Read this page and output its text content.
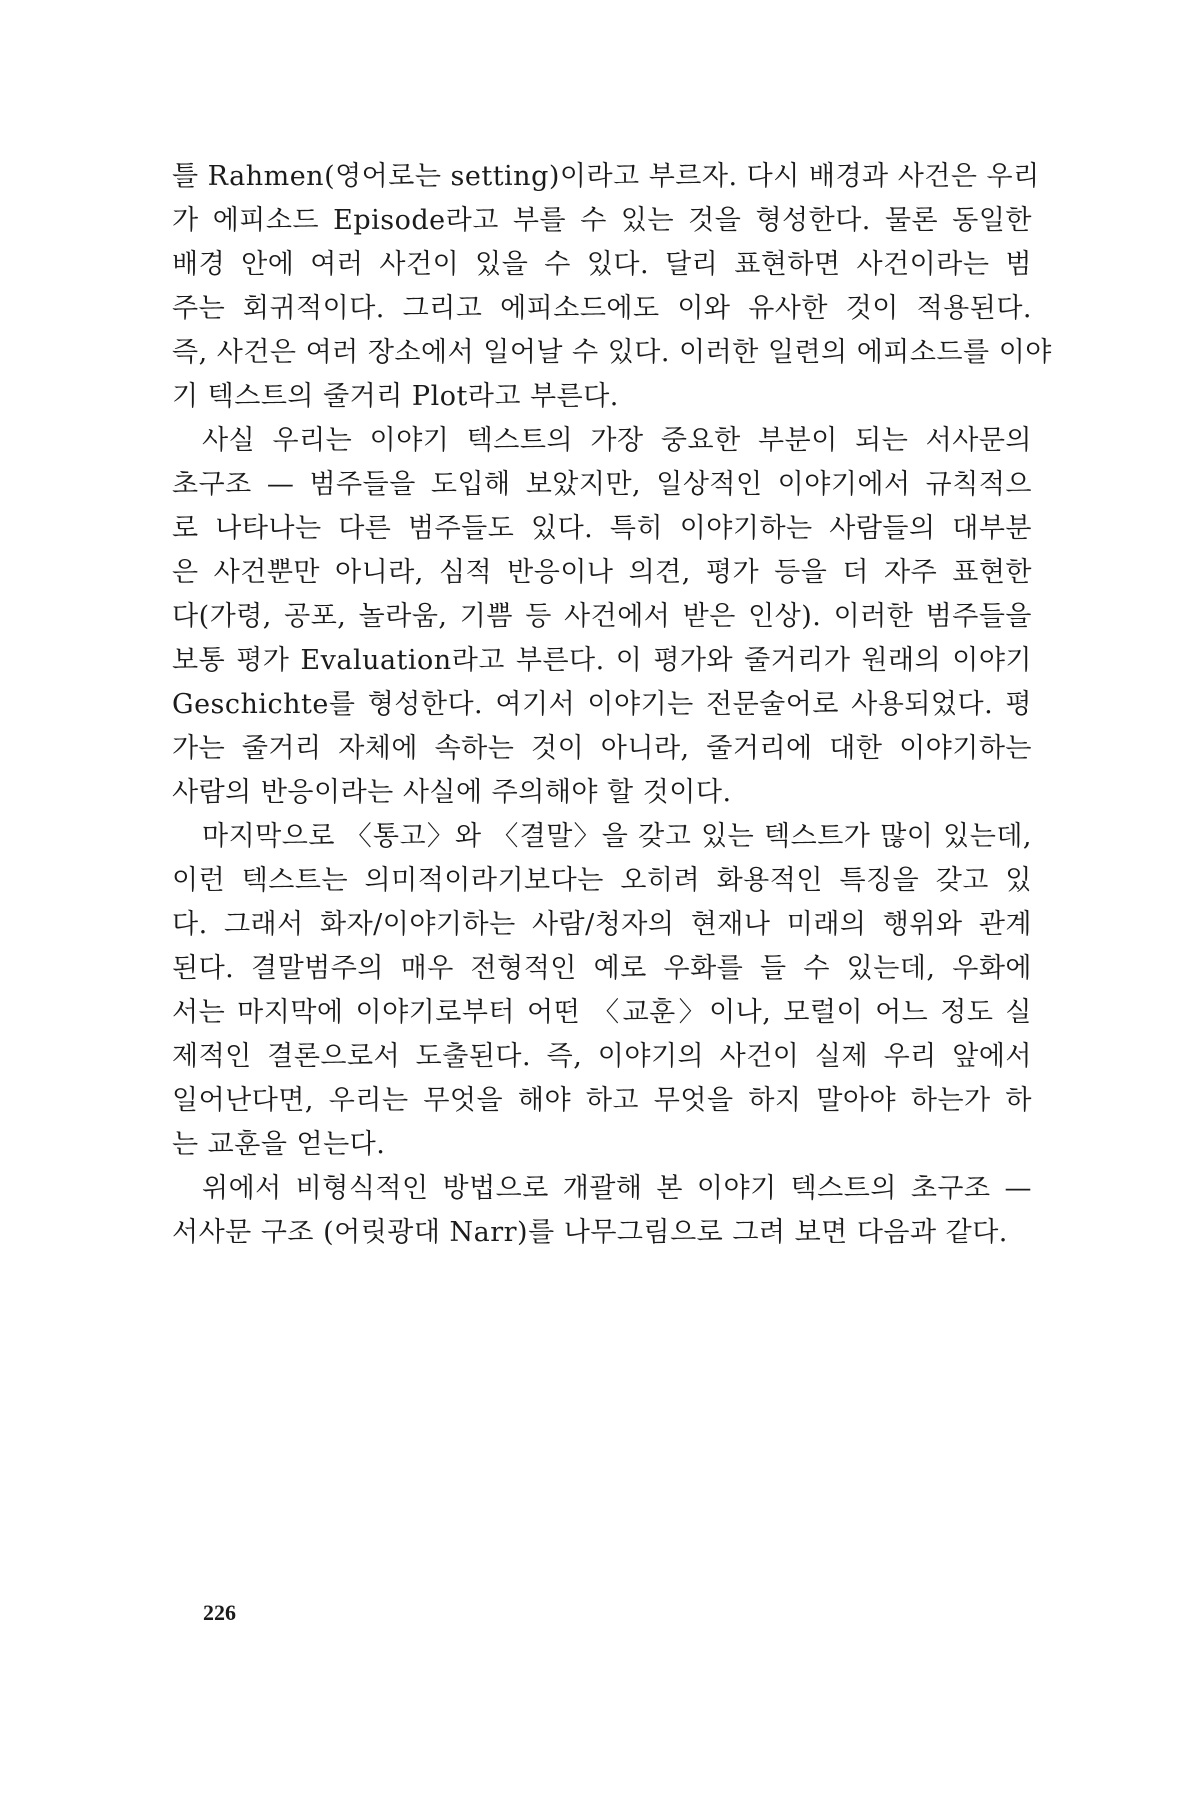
틀 Rahmen(영어로는 setting)이라고 부르자. 다시 배경과 사건은 우리
가 에피소드 Episode라고 부를 수 있는 것을 형성한다. 물론 동일한
배경 안에 여러 사건이 있을 수 있다. 달리 표현하면 사건이라는 범
주는 회귀적이다. 그리고 에피소드에도 이와 유사한 것이 적용된다.
즉, 사건은 여러 장소에서 일어날 수 있다. 이러한 일련의 에피소드를 이야
기 텍스트의 줄거리 Plot라고 부른다.
사실 우리는 이야기 텍스트의 가장 중요한 부분이 되는 서사문의
초구조 — 범주들을 도입해 보았지만, 일상적인 이야기에서 규칙적으
로 나타나는 다른 범주들도 있다. 특히 이야기하는 사람들의 대부분
은 사건뿐만 아니라, 심적 반응이나 의견, 평가 등을 더 자주 표현한
다(가령, 공포, 놀라움, 기쁨 등 사건에서 받은 인상). 이러한 범주들을
보통 평가 Evaluation라고 부른다. 이 평가와 줄거리가 원래의 이야기
Geschichte를 형성한다. 여기서 이야기는 전문술어로 사용되었다. 평
가는 줄거리 자체에 속하는 것이 아니라, 줄거리에 대한 이야기하는
사람의 반응이라는 사실에 주의해야 할 것이다.
마지막으로 〈통고〉와 〈결말〉을 갖고 있는 텍스트가 많이 있는데,
이런 텍스트는 의미적이라기보다는 오히려 화용적인 특징을 갖고 있
다. 그래서 화자/이야기하는 사람/청자의 현재나 미래의 행위와 관계
된다. 결말범주의 매우 전형적인 예로 우화를 들 수 있는데, 우화에
서는 마지막에 이야기로부터 어떤 〈교훈〉이나, 모럴이 어느 정도 실
제적인 결론으로서 도출된다. 즉, 이야기의 사건이 실제 우리 앞에서
일어난다면, 우리는 무엇을 해야 하고 무엇을 하지 말아야 하는가 하
는 교훈을 얻는다.
위에서 비형식적인 방법으로 개괄해 본 이야기 텍스트의 초구조 —
서사문 구조 (어릿광대 Narr)를 나무그림으로 그려 보면 다음과 같다.
226
